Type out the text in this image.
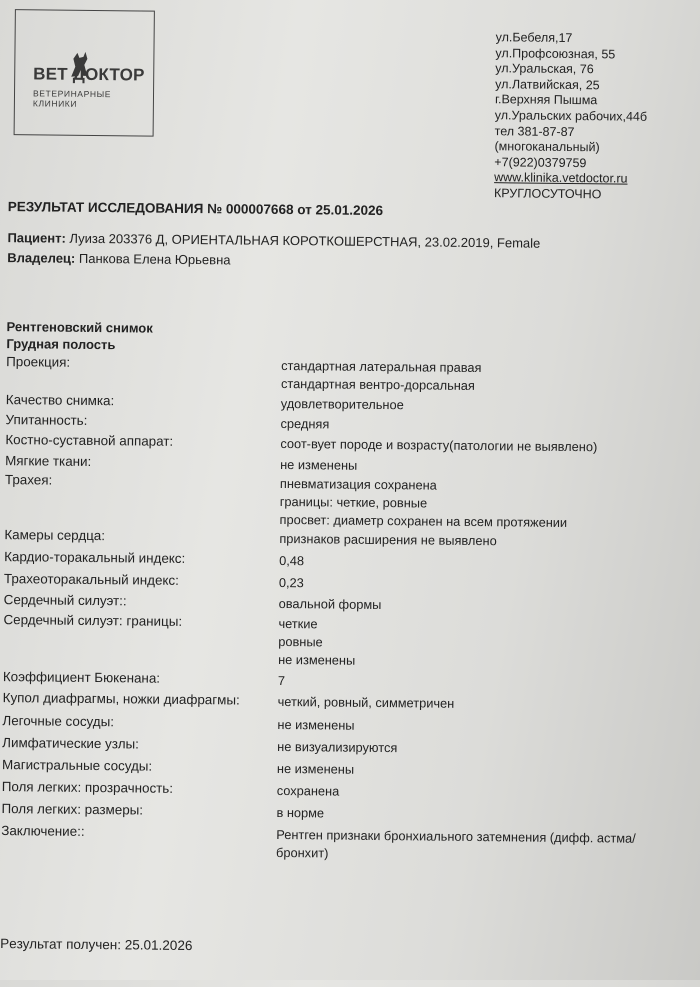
ВЕТ ДОКТОР
ВЕТЕРИНАРНЫЕ КЛИНИКИ
ул.Бебеля,17
ул.Профсоюзная, 55
ул.Уральская, 76
ул.Латвийская, 25
г.Верхняя Пышма
ул.Уральских рабочих,44б
тел 381-87-87
(многоканальный)
+7(922)0379759
www.klinika.vetdoctor.ru
КРУГЛОСУТОЧНО
РЕЗУЛЬТАТ ИССЛЕДОВАНИЯ № 000007668 от 25.01.2026
Пациент: Луиза 203376 Д, ОРИЕНТАЛЬНАЯ КОРОТКОШЕРСТНАЯ, 23.02.2019, Female
Владелец: Панкова Елена Юрьевна
Рентгеновский снимок
Грудная полость
Проекция:	стандартная латеральная правая
стандартная вентро-дорсальная
Качество снимка:	удовлетворительное
Упитанность:	средняя
Костно-суставной аппарат:	соот-вует породе и возрасту(патологии не выявлено)
Мягкие ткани:	не изменены
Трахея:	пневматизация сохранена
границы: четкие, ровные
просвет: диаметр сохранен на всем протяжении
Камеры сердца:	признаков расширения не выявлено
Кардио-торакальный индекс:	0,48
Трахеоторакальный индекс:	0,23
Сердечный силуэт::	овальной формы
Сердечный силуэт: границы:	четкие
ровные
не изменены
Коэффициент Бюкенана:	7
Купол диафрагмы, ножки диафрагмы:	четкий, ровный, симметричен
Легочные сосуды:	не изменены
Лимфатические узлы:	не визуализируются
Магистральные сосуды:	не изменены
Поля легких: прозрачность:	сохранена
Поля легких: размеры:	в норме
Заключение::	Рентген признаки бронхиального затемнения (дифф. астма/ бронхит)
Рeзультат получен: 25.01.2026
